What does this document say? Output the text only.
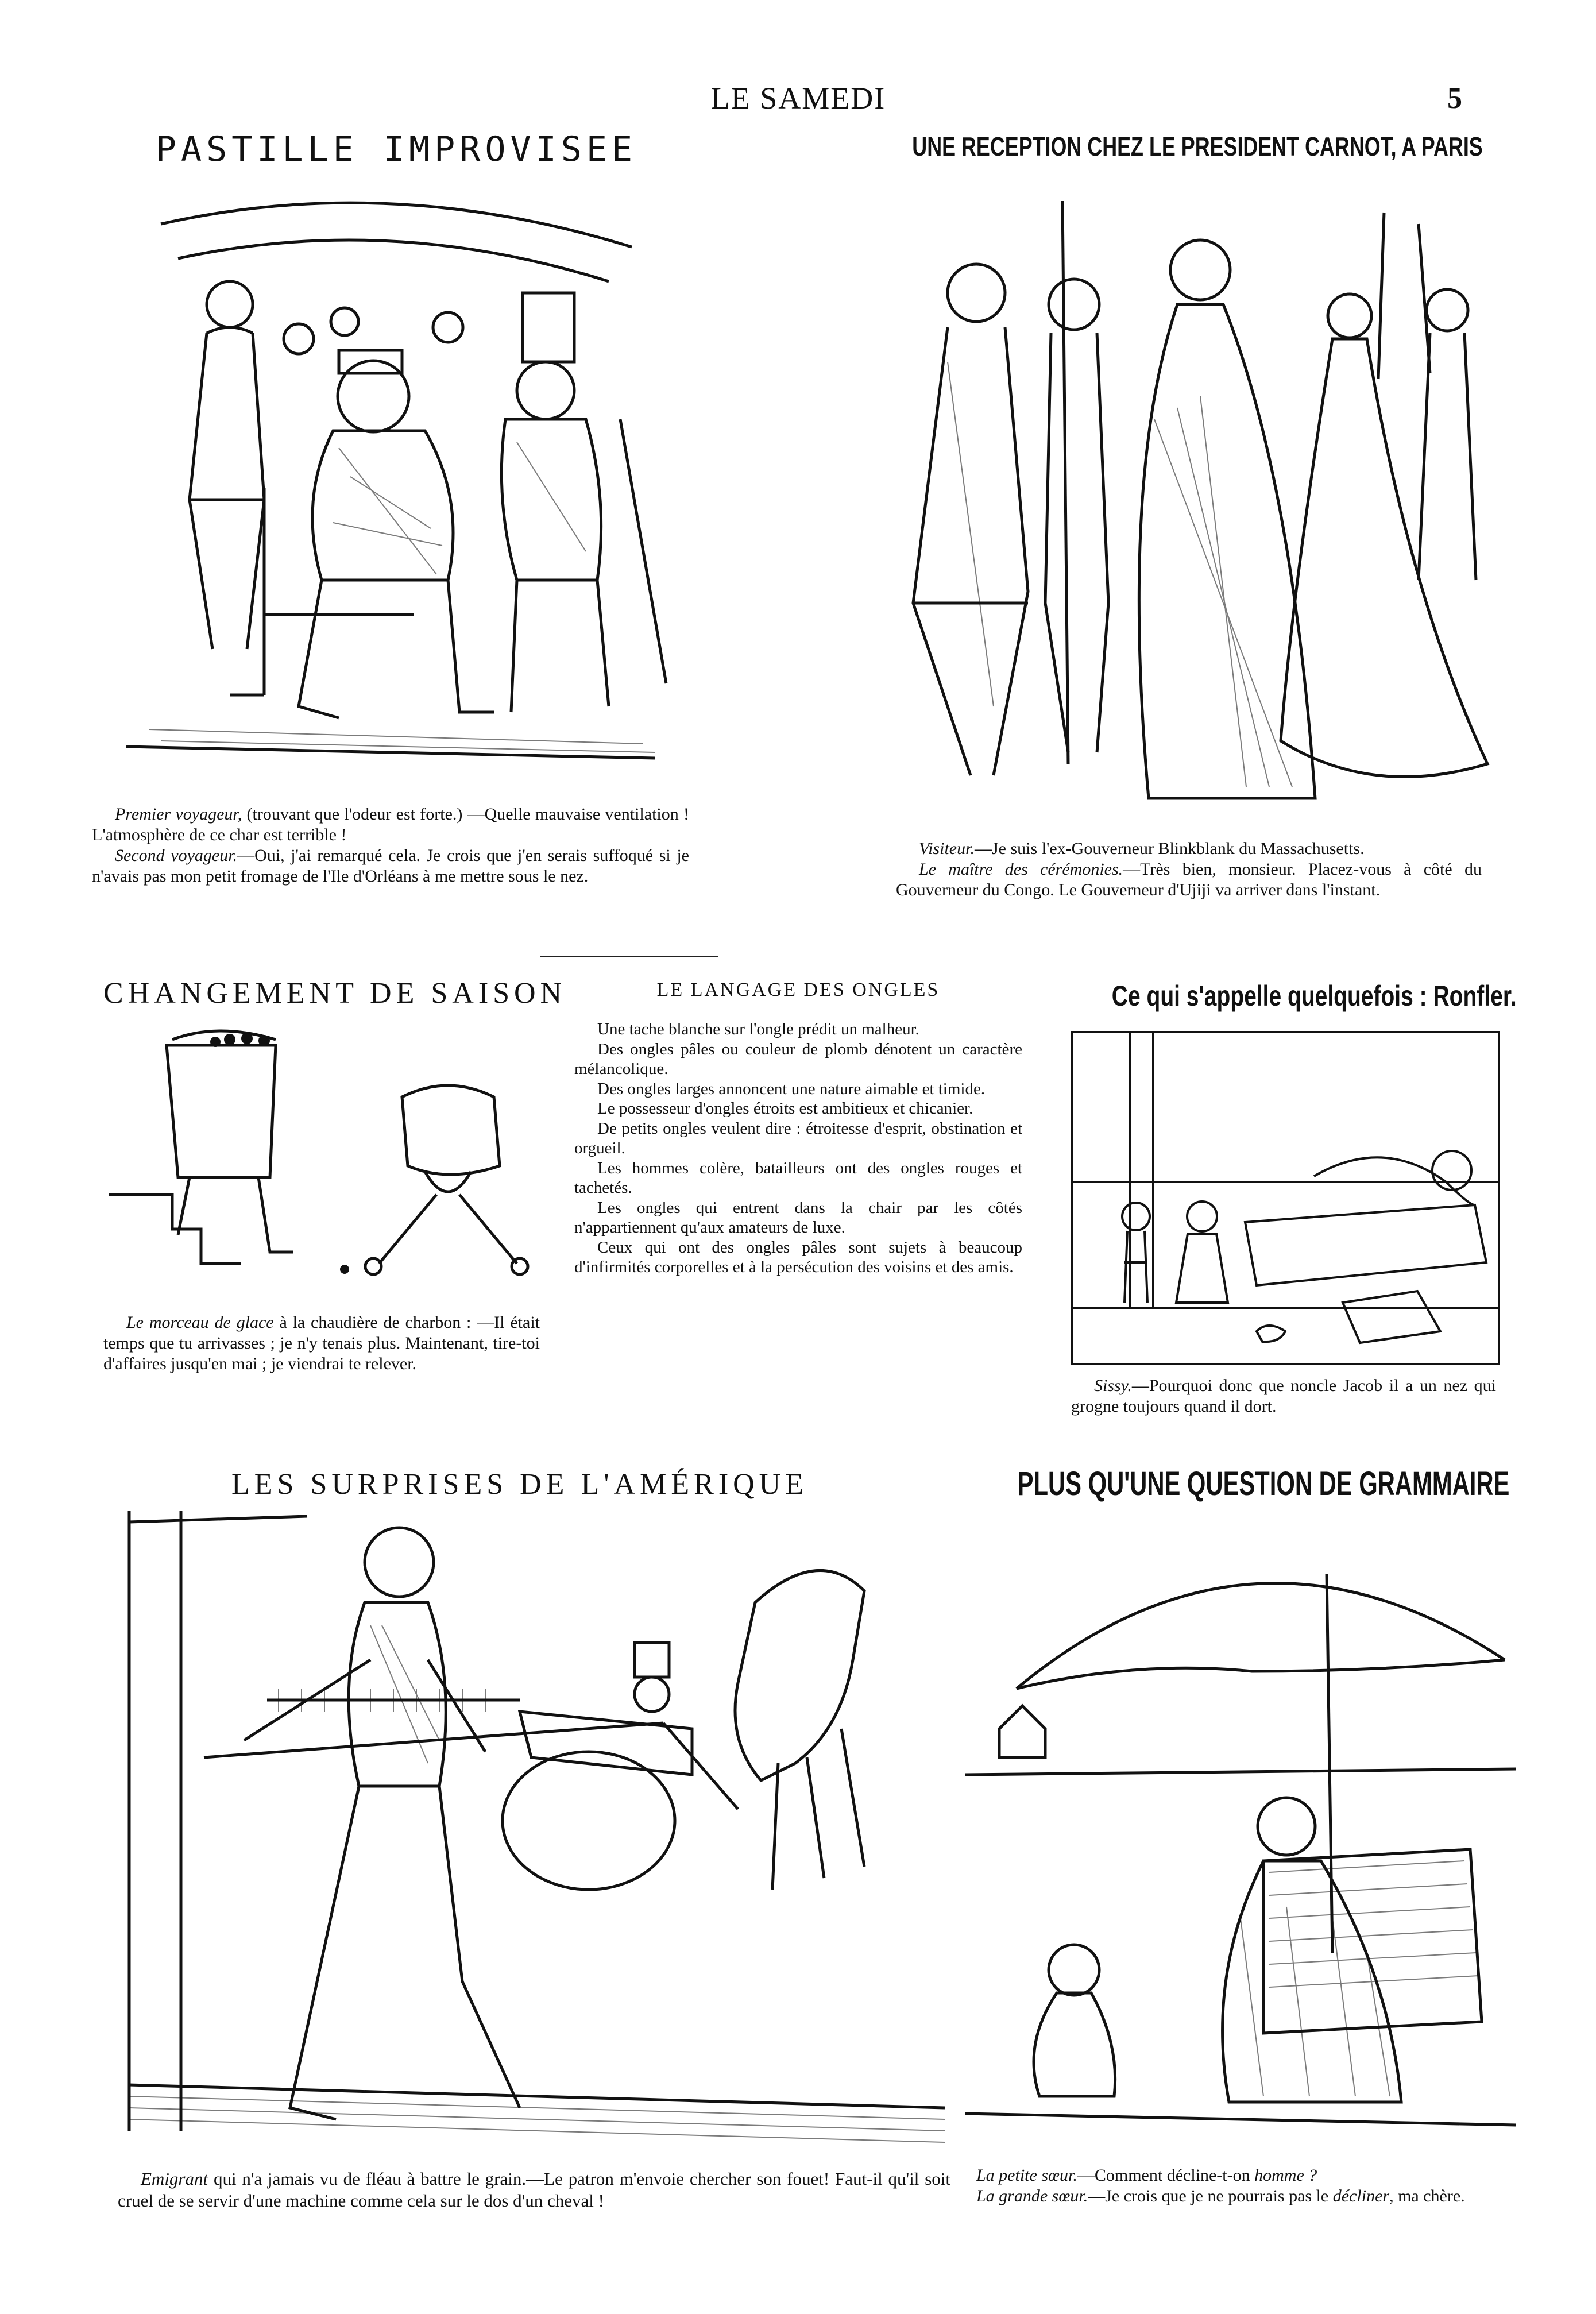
LE SAMEDI	5
PASTILLE IMPROVISEE

Premier voyageur, (trouvant que l'odeur est forte.) —Quelle mauvaise ventilation ! L'atmosphère de ce char est terrible !

Second voyageur.—Oui, j'ai remarqué cela. Je crois que j'en serais suffoqué si je n'avais pas mon petit fromage de l'Ile d'Orléans à me mettre sous le nez.

UNE RECEPTION CHEZ LE PRESIDENT CARNOT, A PARIS

Visiteur.—Je suis l'ex-Gouverneur Blinkblank du Massachusetts.

Le maître des cérémonies.—Très bien, monsieur. Placez-vous à côté du Gouverneur du Congo. Le Gouverneur d'Ujiji va arriver dans l'instant.

CHANGEMENT DE SAISON

Le morceau de glace à la chaudière de charbon : —Il était temps que tu arrivasses ; je n'y tenais plus. Maintenant, tire-toi d'affaires jusqu'en mai ; je viendrai te relever.

LE LANGAGE DES ONGLES

Une tache blanche sur l'ongle prédit un malheur.

Des ongles pâles ou couleur de plomb dénotent un caractère mélancolique.

Des ongles larges annoncent une nature aimable et timide.

Le possesseur d'ongles étroits est ambitieux et chicanier.

De petits ongles veulent dire : étroitesse d'esprit, obstination et orgueil.

Les hommes colère, batailleurs ont des ongles rouges et tachetés.

Les ongles qui entrent dans la chair par les côtés n'appartiennent qu'aux amateurs de luxe.

Ceux qui ont des ongles pâles sont sujets à beaucoup d'infirmités corporelles et à la persécution des voisins et des amis.

Ce qui s'appelle quelquefois : Ronfler.

Sissy.—Pourquoi donc que noncle Jacob il a un nez qui grogne toujours quand il dort.

LES SURPRISES DE L'AMÉRIQUE

Emigrant qui n'a jamais vu de fléau à battre le grain.—Le patron m'envoie chercher son fouet! Faut-il qu'il soit cruel de se servir d'une machine comme cela sur le dos d'un cheval !

PLUS QU'UNE QUESTION DE GRAMMAIRE

La petite sœur.—Comment décline-t-on homme ?

La grande sœur.—Je crois que je ne pourrais pas le décliner, ma chère.
